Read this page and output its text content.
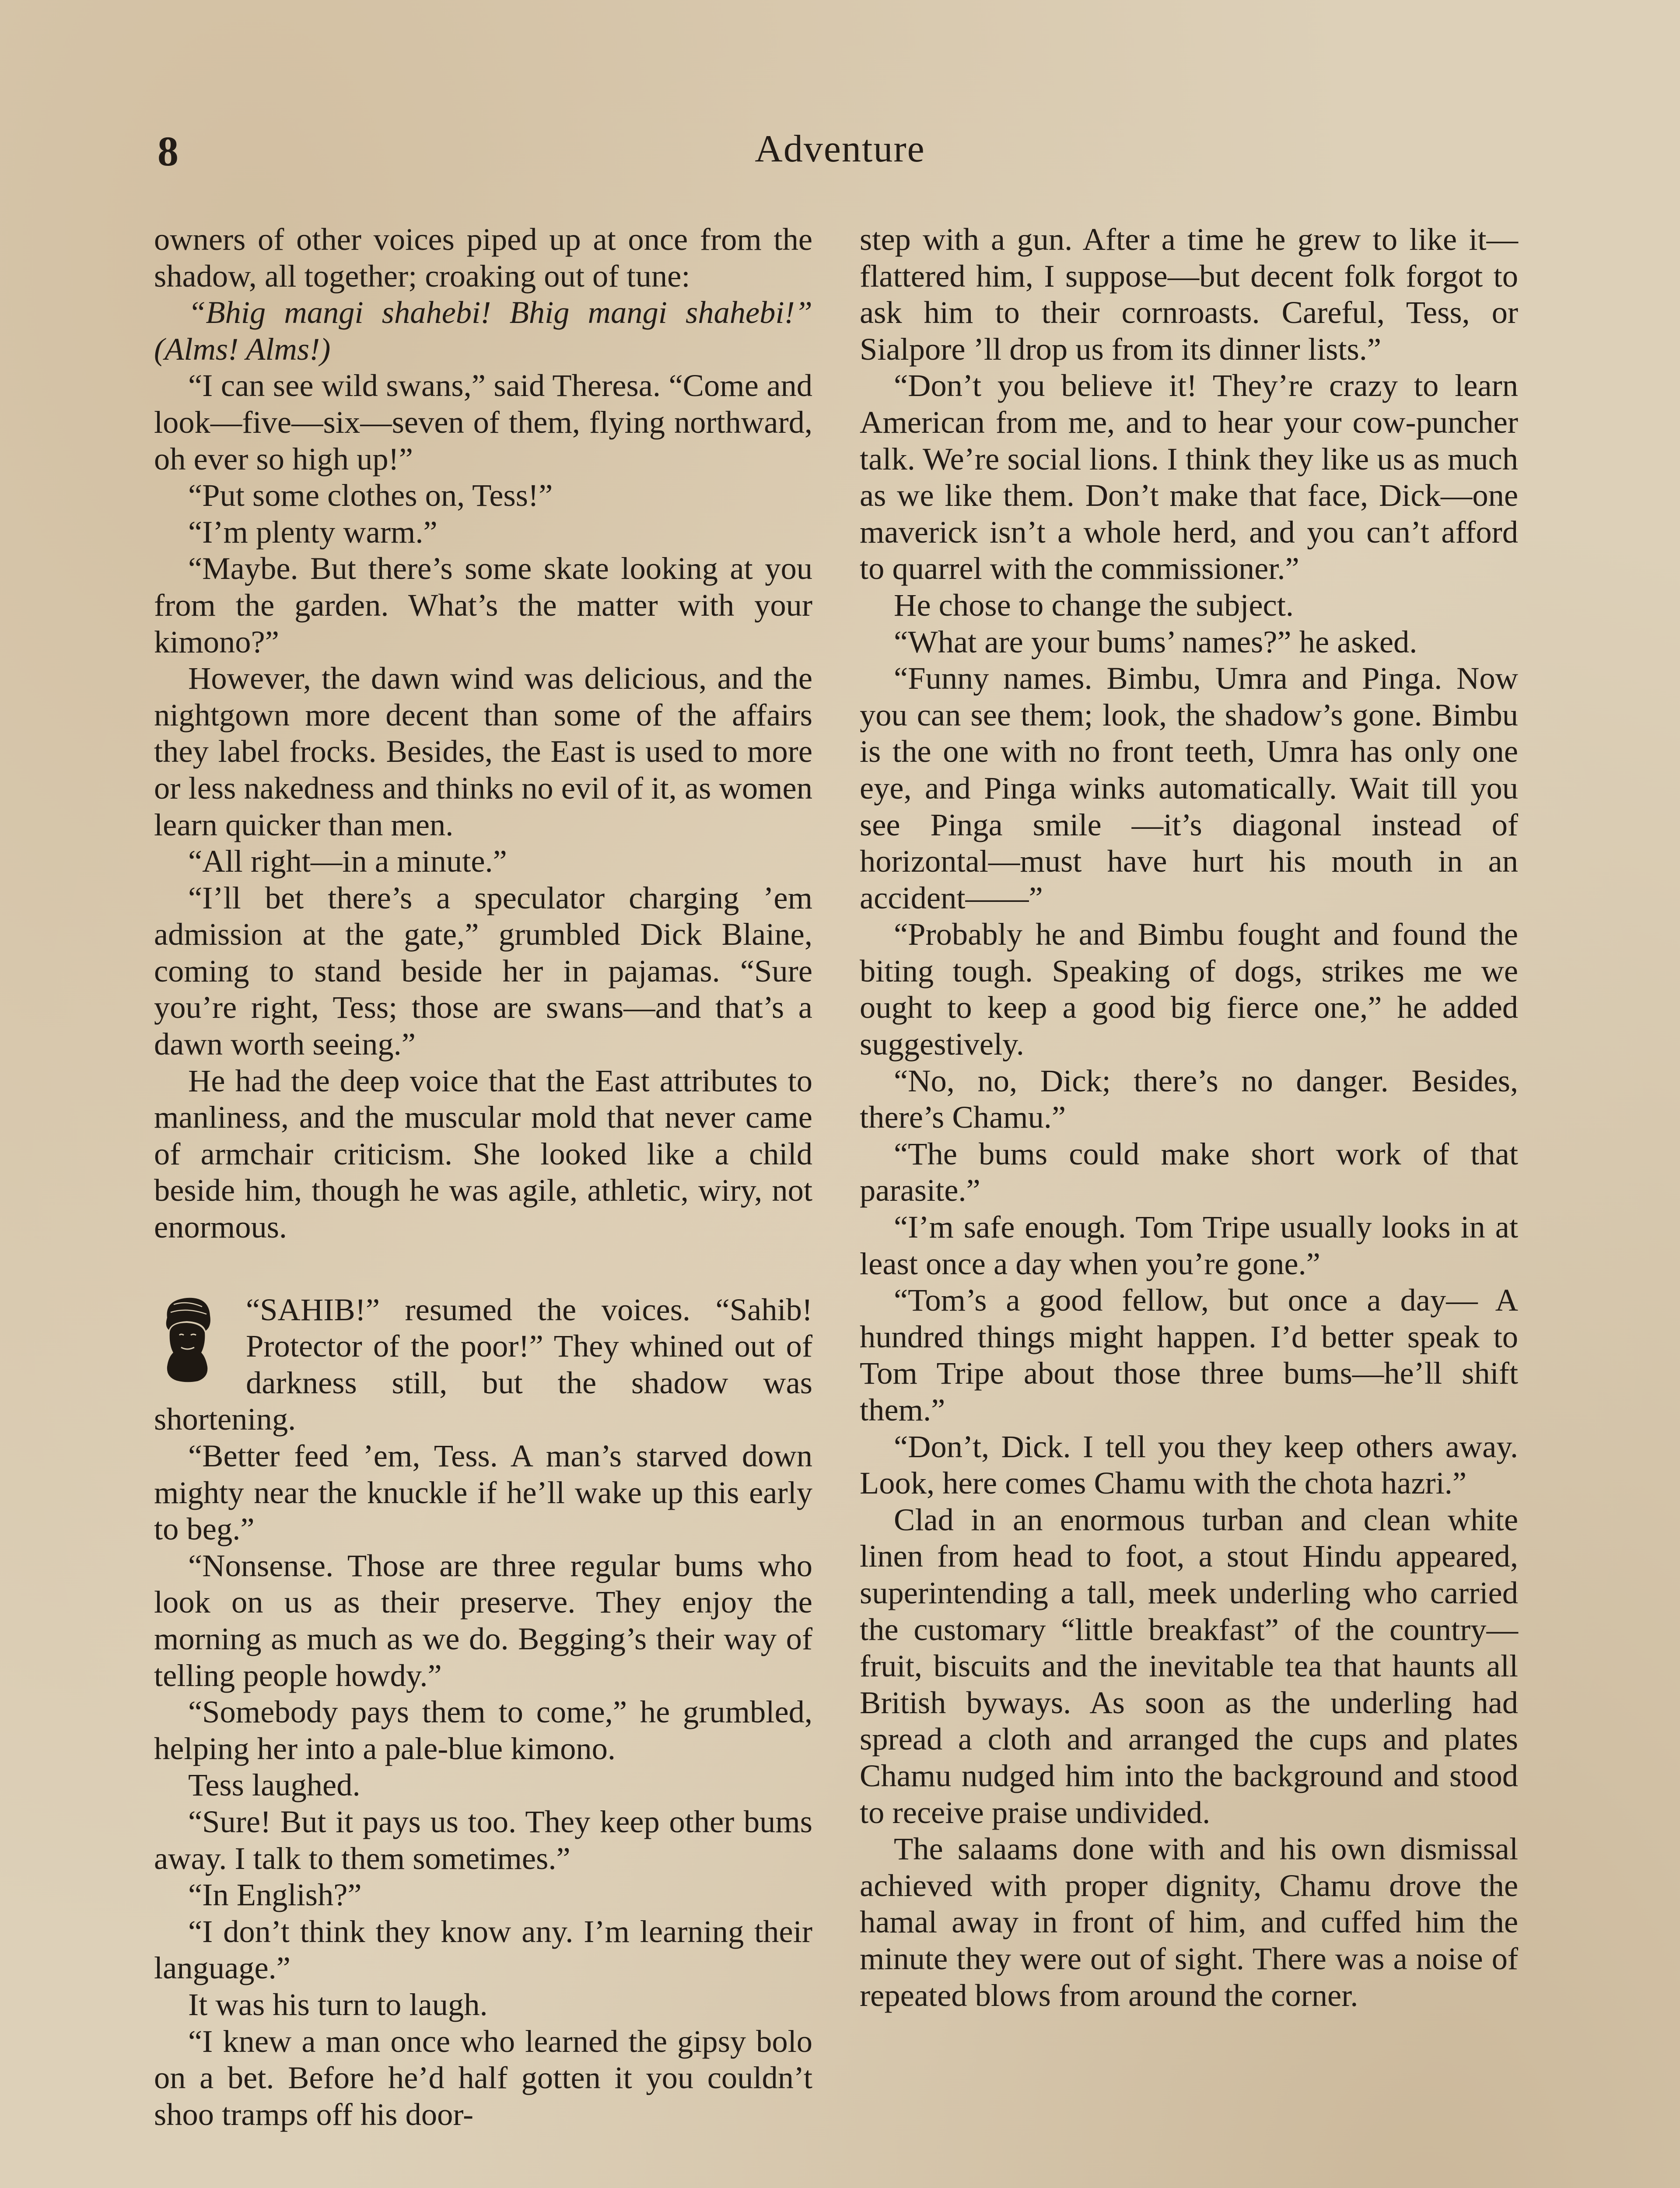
8	Adventure

owners of other voices piped up at once from the shadow, all together; croaking out of tune:

“Bhig mangi shahebi! Bhig mangi shahebi!” (Alms! Alms!)

“I can see wild swans,” said Theresa. “Come and look—five—six—seven of them, flying northward, oh ever so high up!”

“Put some clothes on, Tess!”

“I’m plenty warm.”

“Maybe. But there’s some skate looking at you from the garden. What’s the matter with your kimono?”

However, the dawn wind was delicious, and the nightgown more decent than some of the affairs they label frocks. Besides, the East is used to more or less nakedness and thinks no evil of it, as women learn quicker than men.

“All right—in a minute.”

“I’ll bet there’s a speculator charging ’em admission at the gate,” grumbled Dick Blaine, coming to stand beside her in pajamas. “Sure you’re right, Tess; those are swans—and that’s a dawn worth seeing.”

He had the deep voice that the East attributes to manliness, and the muscular mold that never came of armchair criticism. She looked like a child beside him, though he was agile, athletic, wiry, not enormous.

“SAHIB!” resumed the voices. “Sahib! Protector of the poor!” They whined out of darkness still, but the shadow was shortening.

“Better feed ’em, Tess. A man’s starved down mighty near the knuckle if he’ll wake up this early to beg.”

“Nonsense. Those are three regular bums who look on us as their preserve. They enjoy the morning as much as we do. Begging’s their way of telling people howdy.”

“Somebody pays them to come,” he grumbled, helping her into a pale-blue kimono.

Tess laughed.

“Sure! But it pays us too. They keep other bums away. I talk to them sometimes.”

“In English?”

“I don’t think they know any. I’m learning their language.”

It was his turn to laugh.

“I knew a man once who learned the gipsy bolo on a bet. Before he’d half gotten it you couldn’t shoo tramps off his door-

step with a gun. After a time he grew to like it—flattered him, I suppose—but decent folk forgot to ask him to their cornroasts. Careful, Tess, or Sialpore ’ll drop us from its dinner lists.”

“Don’t you believe it! They’re crazy to learn American from me, and to hear your cow-puncher talk. We’re social lions. I think they like us as much as we like them. Don’t make that face, Dick—one maverick isn’t a whole herd, and you can’t afford to quarrel with the commissioner.”

He chose to change the subject.

“What are your bums’ names?” he asked.

“Funny names. Bimbu, Umra and Pinga. Now you can see them; look, the shadow’s gone. Bimbu is the one with no front teeth, Umra has only one eye, and Pinga winks automatically. Wait till you see Pinga smile —it’s diagonal instead of horizontal—must have hurt his mouth in an accident——”

“Probably he and Bimbu fought and found the biting tough. Speaking of dogs, strikes me we ought to keep a good big fierce one,” he added suggestively.

“No, no, Dick; there’s no danger. Besides, there’s Chamu.”

“The bums could make short work of that parasite.”

“I’m safe enough. Tom Tripe usually looks in at least once a day when you’re gone.”

“Tom’s a good fellow, but once a day— A hundred things might happen. I’d better speak to Tom Tripe about those three bums—he’ll shift them.”

“Don’t, Dick. I tell you they keep others away. Look, here comes Chamu with the chota hazri.”

Clad in an enormous turban and clean white linen from head to foot, a stout Hindu appeared, superintending a tall, meek underling who carried the customary “little breakfast” of the country—fruit, biscuits and the inevitable tea that haunts all British byways. As soon as the underling had spread a cloth and arranged the cups and plates Chamu nudged him into the background and stood to receive praise undivided.

The salaams done with and his own dismissal achieved with proper dignity, Chamu drove the hamal away in front of him, and cuffed him the minute they were out of sight. There was a noise of repeated blows from around the corner.
